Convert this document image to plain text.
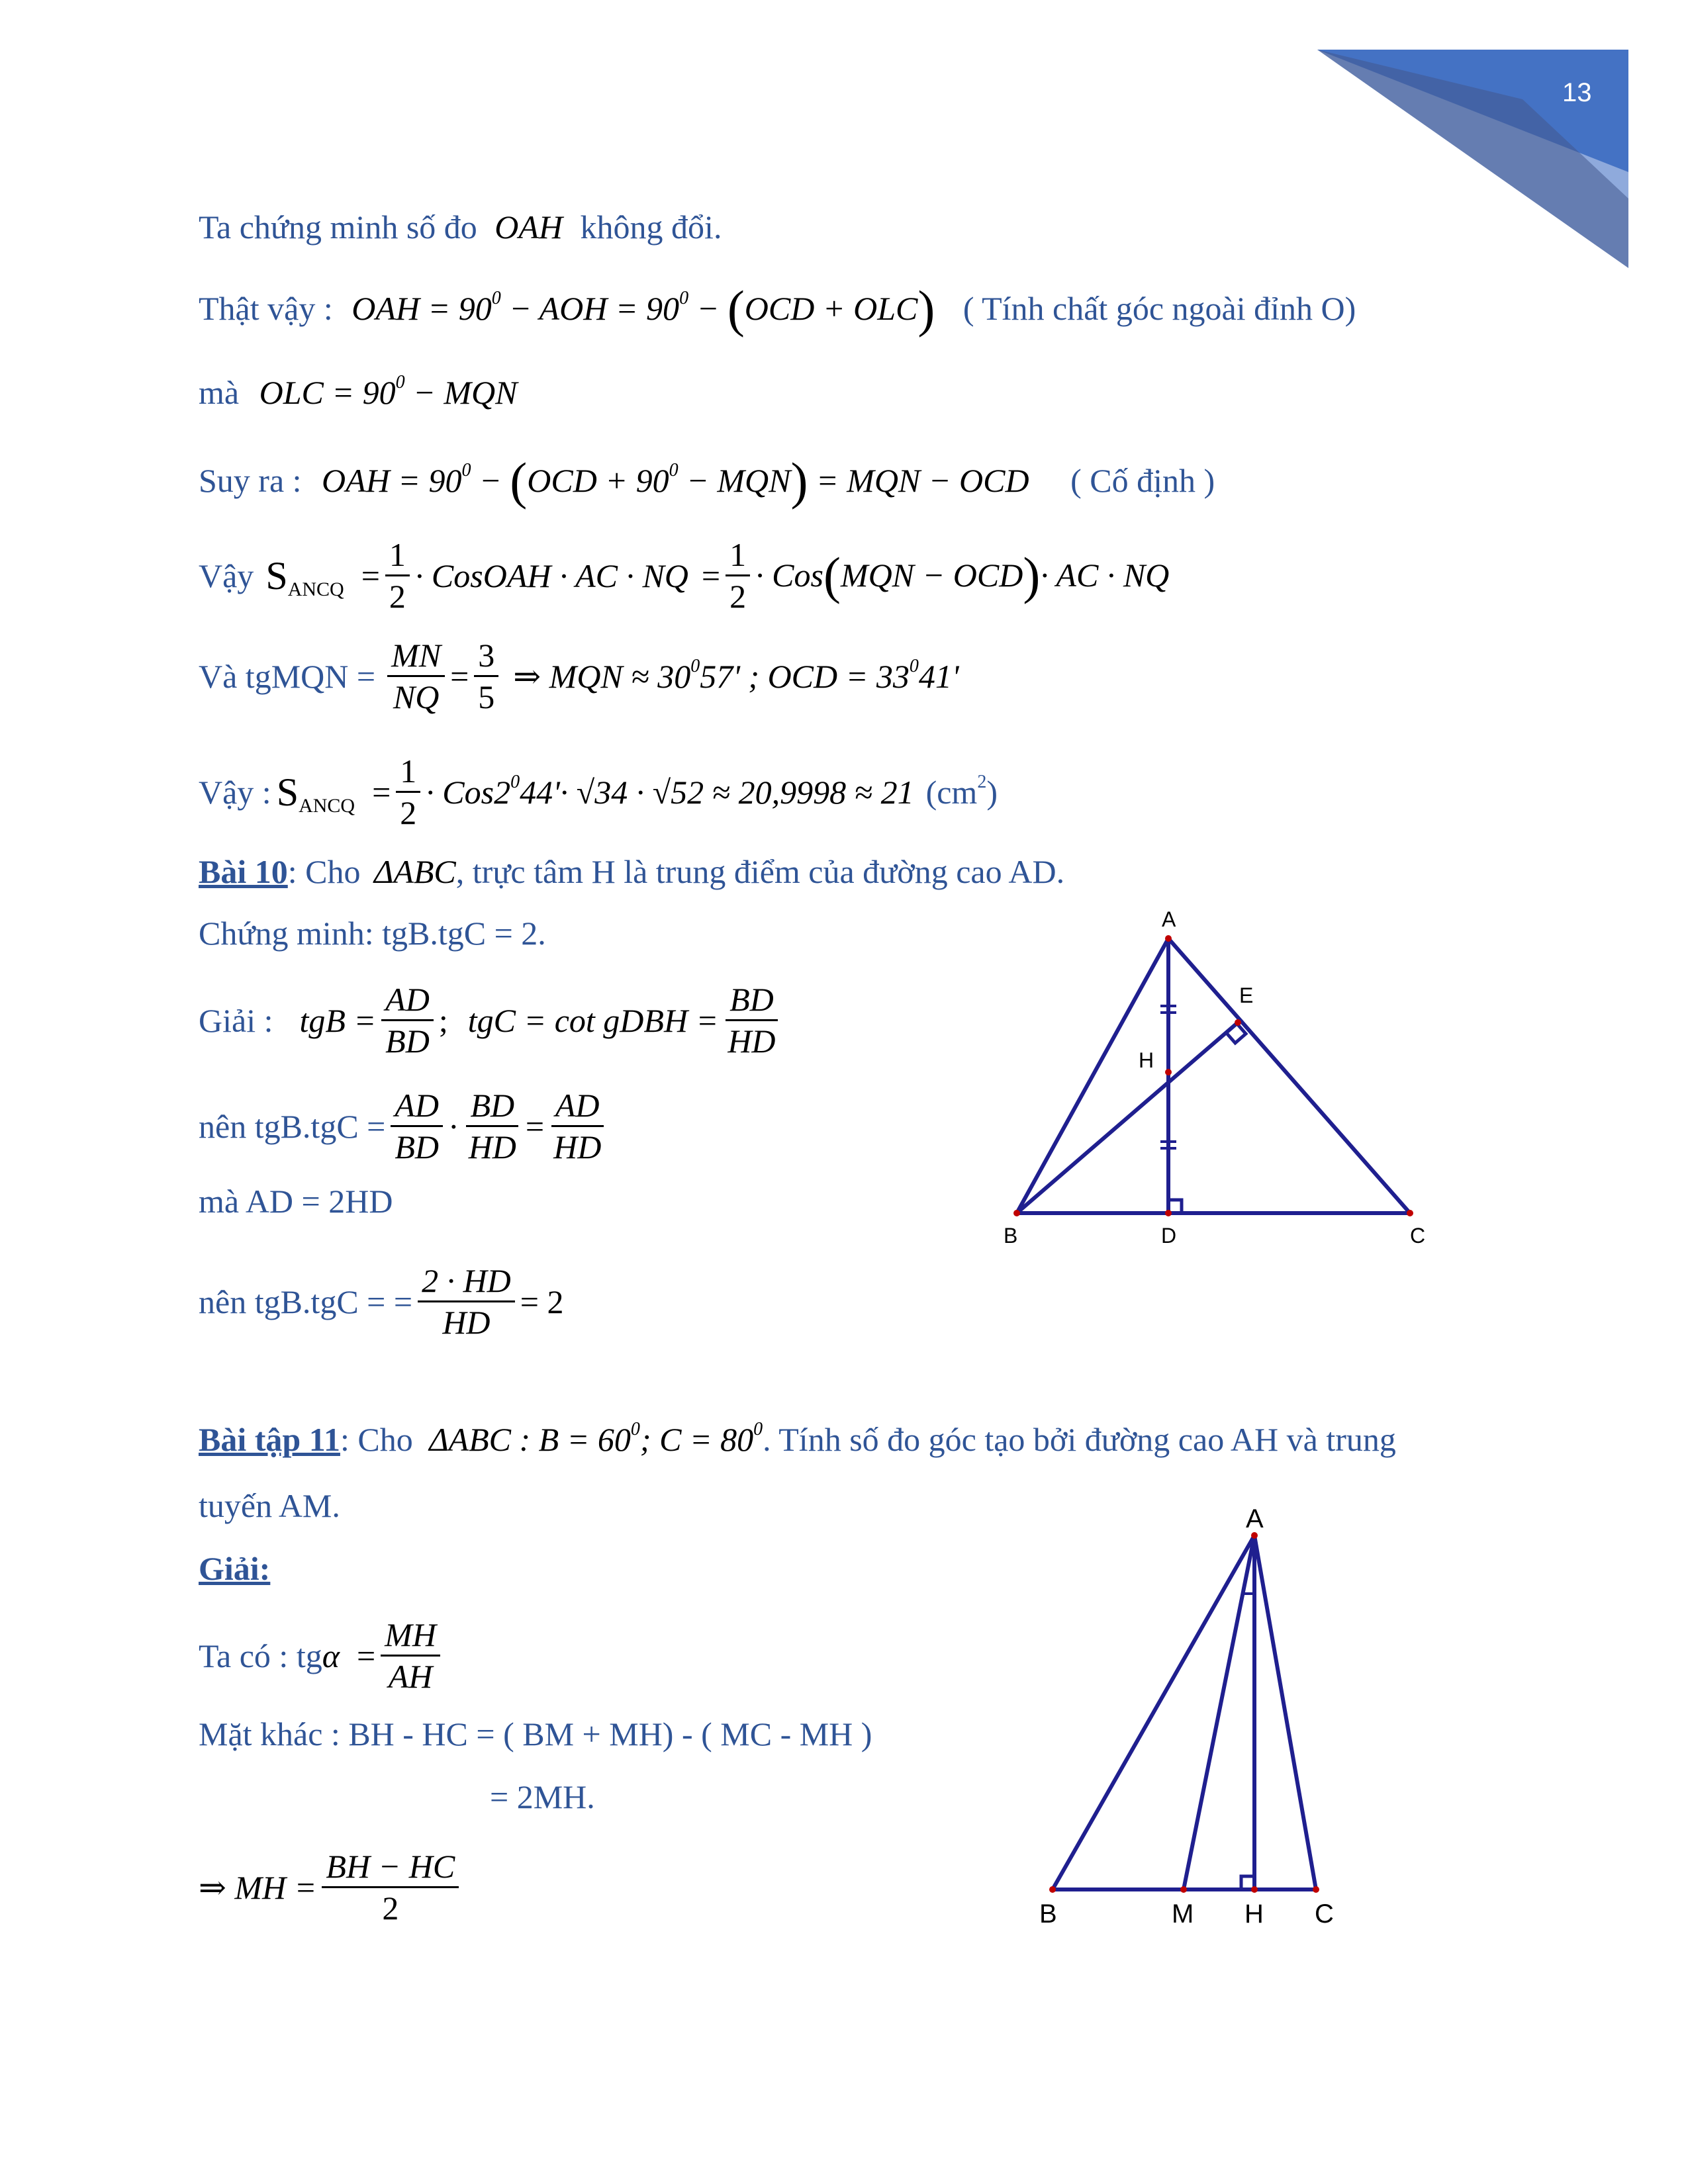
13
Ta chứng minh số đo OAH không đổi.
Thật vậy : OAH = $90^0$ − AOH = $90^0 - (OCD + OLC)$ ( Tính chất góc ngoài đỉnh O)
mà OLC = $90^0$ − MQN
Suy ra : OAH = $90^0 - (OCD + 90^0 - MQN)$ = MQN − OCD ( Cố định )
Vậy $S_{ANCQ} = \frac{1}{2}$ · CosOAH · AC · NQ = $\frac{1}{2} \cdot Cos(MQN - OCD)\cdot$ AC · NQ
Và tgMQN = $\frac{MN}{NQ} = \frac{3}{5}$ ⇒ MQN ≈ $30^057'$ ; OCD = $33^041'$
Vậy : $S_{ANCQ} = \frac{1}{2} \cdot Cos2^044'\cdot √34 \cdot √52 \approx 20,9998 \approx 21$ $(cm^2)$
Bài 10: Cho ΔABC, trực tâm H là trung điểm của đường cao AD.
Chứng minh: tgB.tgC = 2.
Giải : tgB = $\frac{AD}{BD}$ ; tgC = cot gDBH = $\frac{BD}{HD}$
nên $tgB.tgC = \frac{AD}{BD} \cdot \frac{BD}{HD} = \frac{AD}{HD}$
mà AD = 2HD
nên tgB.tgC = = $\frac{2 \cdot HD}{HD} = 2$
A
B	C
D
E
H
Bài tập 11: Cho ΔABC : $B = 60^0$; $C = 80^0$. Tính số đo góc tạo bởi đường cao AH và trung
tuyến AM.
Giải:
Ta có : tg $\alpha = \frac{MH}{AH}$
Mặt khác : BH - HC = ( BM + MH) - ( MC - MH )
= 2MH.
⇒ MH = $\frac{BH - HC}{2}$
A
B	M H C
